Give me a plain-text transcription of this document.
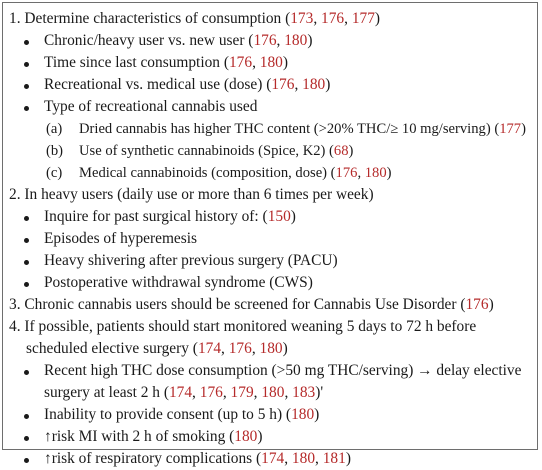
1. Determine characteristics of consumption (173, 176, 177)
Chronic/heavy user vs. new user (176, 180)
Time since last consumption (176, 180)
Recreational vs. medical use (dose) (176, 180)
Type of recreational cannabis used
(a) Dried cannabis has higher THC content (>20% THC/≥ 10 mg/serving) (177)
(b) Use of synthetic cannabinoids (Spice, K2) (68)
(c) Medical cannabinoids (composition, dose) (176, 180)
2. In heavy users (daily use or more than 6 times per week)
Inquire for past surgical history of: (150)
Episodes of hyperemesis
Heavy shivering after previous surgery (PACU)
Postoperative withdrawal syndrome (CWS)
3. Chronic cannabis users should be screened for Cannabis Use Disorder (176)
4. If possible, patients should start monitored weaning 5 days to 72 h before
scheduled elective surgery (174, 176, 180)
Recent high THC dose consumption (>50 mg THC/serving) → delay elective
surgery at least 2 h (174, 176, 179, 180, 183)'
Inability to provide consent (up to 5 h) (180)
↑risk MI with 2 h of smoking (180)
↑risk of respiratory complications (174, 180, 181)
